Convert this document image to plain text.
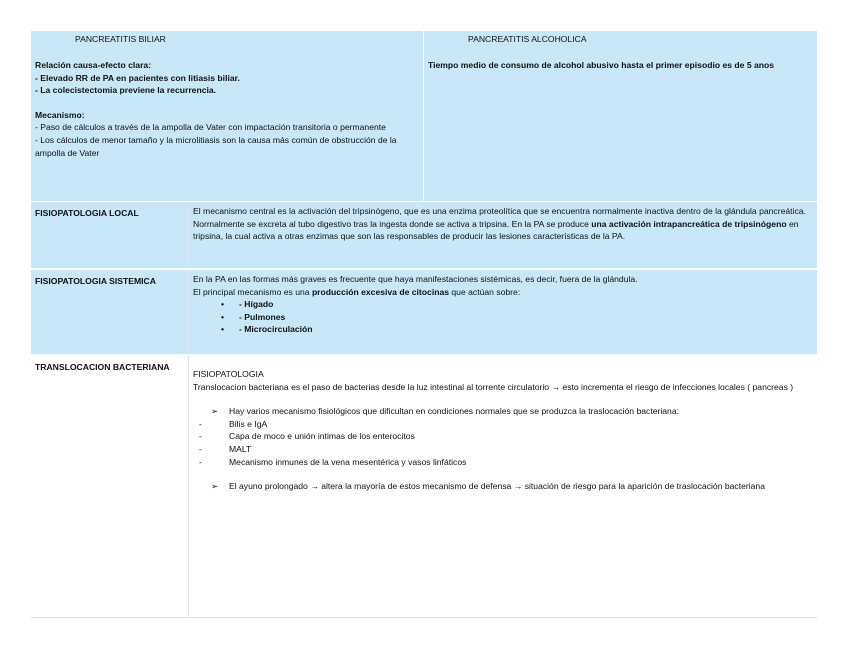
PANCREATITIS BILIAR

Relación causa-efecto clara:

- Elevado RR de PA en pacientes con litiasis biliar.

- La colecistectomia previene la recurrencia.

Mecanismo:

- Paso de cálculos a través de la ampolla de Vater con impactación transitoria o permanente

- Los cálculos de menor tamaño y la microlitiasis son la causa más común de obstrucción de la ampolla de Vater

PANCREATITIS ALCOHOLICA

Tiempo medio de consumo de alcohol abusivo hasta el primer episodio es de 5 anos

FISIOPATOLOGIA LOCAL	El mecanismo central es la activación del tripsinógeno, que es una enzima proteolítica que se encuentra normalmente inactiva dentro de la glándula pancreática. Normalmente se excreta al tubo digestivo tras la ingesta donde se activa a tripsina. En la PA se produce una activación intrapancreática de tripsinógeno en tripsina, la cual activa a otras enzimas que son las responsables de producir las lesiones características de la PA.

FISIOPATOLOGIA SISTEMICA	En la PA en las formas más graves es frecuente que haya manifestaciones sistémicas, es decir, fuera de la glándula.

El principal mecanismo es una producción excesiva de citocinas que actúan sobre:

• - Hígado
• - Pulmones
• - Microcirculación
TRANSLOCACION BACTERIANA

FISIOPATOLOGIA

Translocacion bacteriana es el paso de bacterias desde la luz intestinal al torrente circulatorio → esto incrementa el riesgo de infecciones locales ( pancreas )

➢ Hay varios mecanismo fisiológicos que dificultan en condiciones normales que se produzca la traslocación bacteriana:
- Bilis e IgA
- Capa de moco e unión intimas de los enterocitos
- MALT
- Mecanismo inmunes de la vena mesentérica y vasos linfáticos
➢ El ayuno prolongado → altera la mayoría de estos mecanismo de defensa → situación de riesgo para la aparición de traslocación bacteriana
